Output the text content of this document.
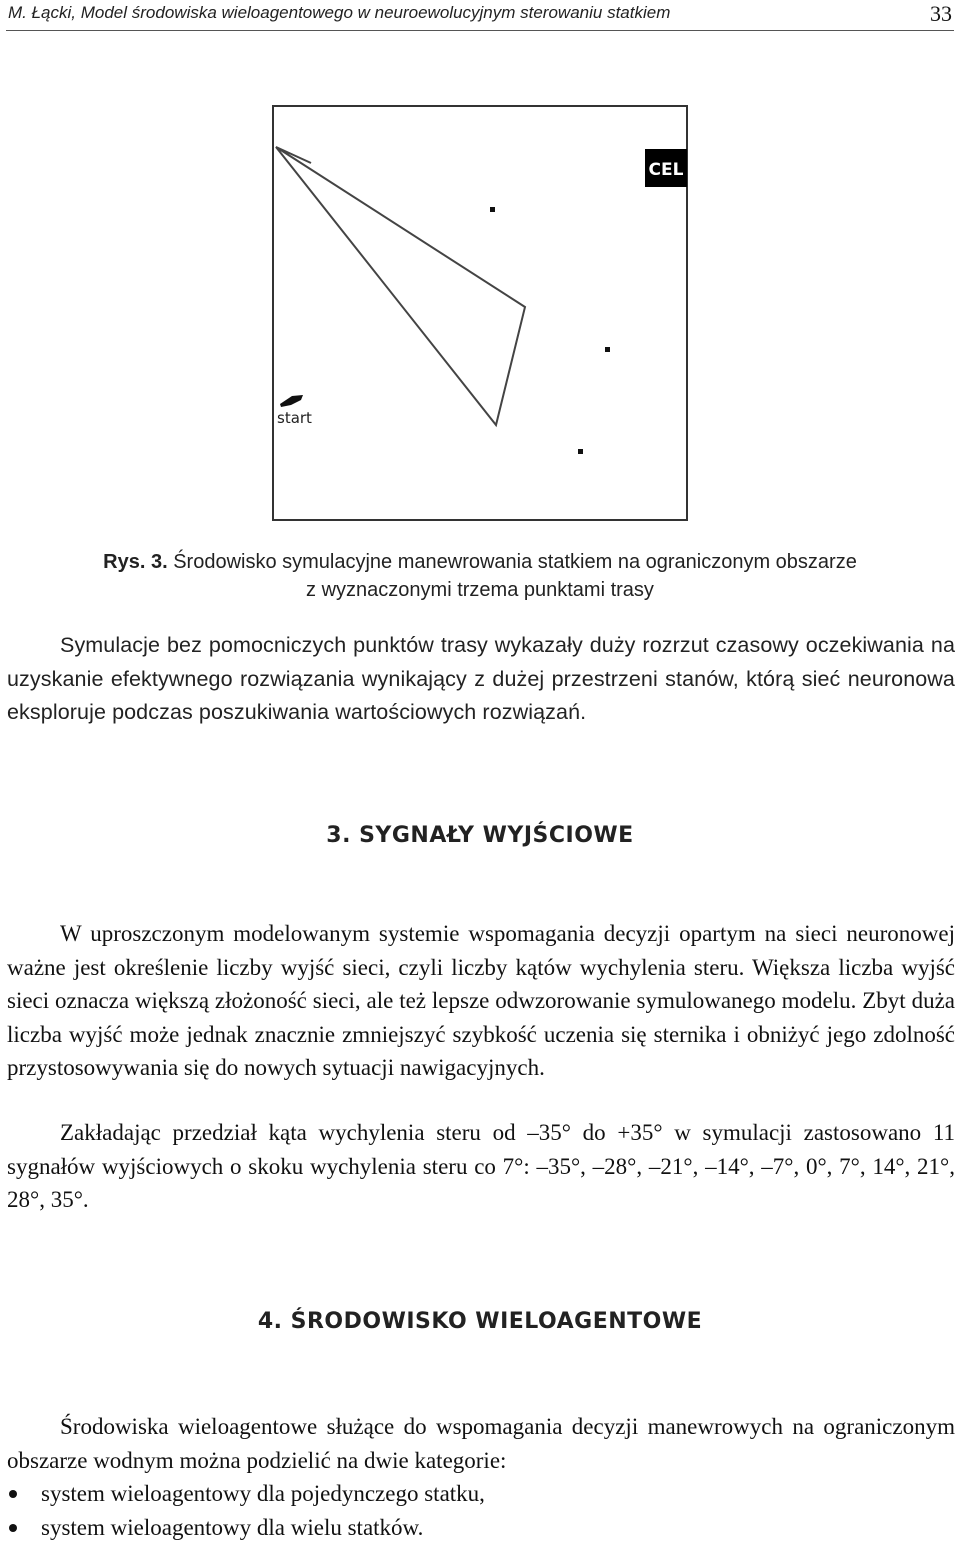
M. Łącki, Model środowiska wieloagentowego w neuroewolucyjnym sterowaniu statkiem	33
CEL
start
Rys. 3. Środowisko symulacyjne manewrowania statkiem na ograniczonym obszarze
z wyznaczonymi trzema punktami trasy

Symulacje bez pomocniczych punktów trasy wykazały duży rozrzut czasowy oczekiwania na uzyskanie efektywnego rozwiązania wynikający z dużej przestrzeni stanów, którą sieć neuronowa eksploruje podczas poszukiwania wartościowych rozwiązań.

3. SYGNAŁY WYJŚCIOWE

W uproszczonym modelowanym systemie wspomagania decyzji opartym na sieci neuronowej ważne jest określenie liczby wyjść sieci, czyli liczby kątów wychylenia steru. Większa liczba wyjść sieci oznacza większą złożoność sieci, ale też lepsze odwzorowanie symulowanego modelu. Zbyt duża liczba wyjść może jednak znacznie zmniejszyć szybkość uczenia się sternika i obniżyć jego zdolność przystosowywania się do nowych sytuacji nawigacyjnych.

Zakładając przedział kąta wychylenia steru od –35° do +35° w symulacji zastosowano 11 sygnałów wyjściowych o skoku wychylenia steru co 7°: –35°, –28°, –21°, –14°, –7°, 0°, 7°, 14°, 21°, 28°, 35°.

4. ŚRODOWISKO WIELOAGENTOWE

Środowiska wieloagentowe służące do wspomagania decyzji manewrowych na ograniczonym obszarze wodnym można podzielić na dwie kategorie:

system wieloagentowy dla pojedynczego statku,
system wieloagentowy dla wielu statków.
